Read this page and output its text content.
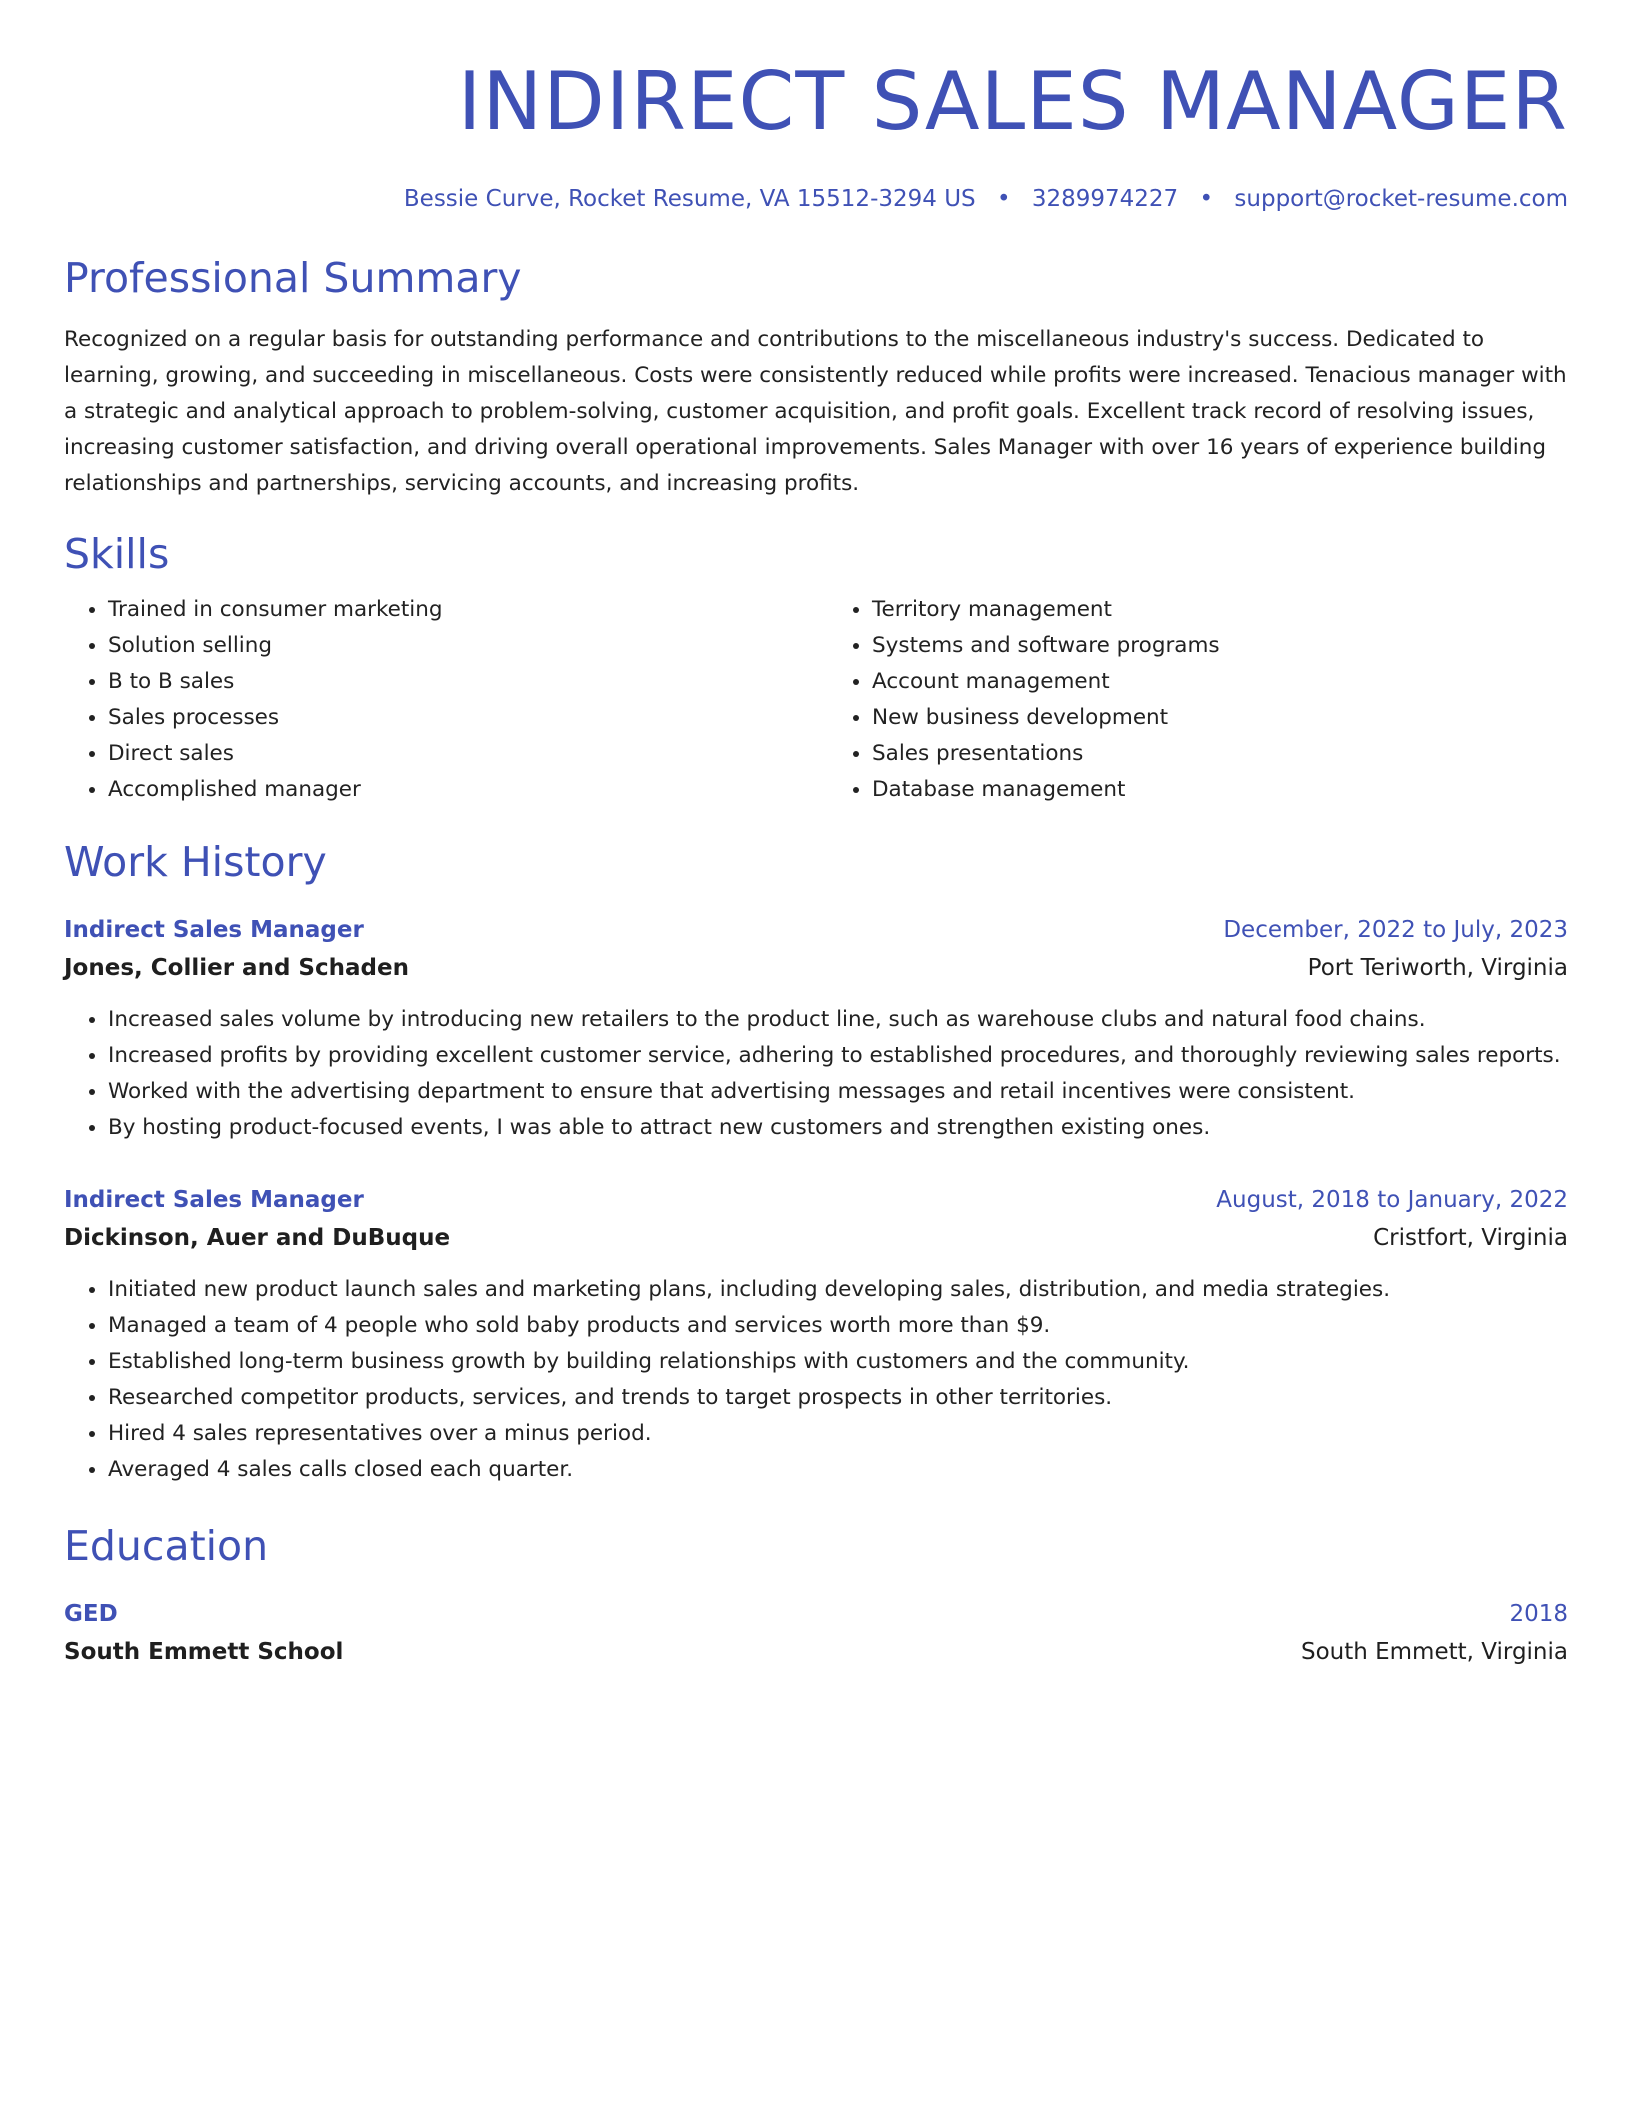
INDIRECT SALES MANAGER
Bessie Curve, Rocket Resume, VA 15512-3294 US • 3289974227 • support@rocket-resume.com
Professional Summary
Recognized on a regular basis for outstanding performance and contributions to the miscellaneous industry's success. Dedicated to learning, growing, and succeeding in miscellaneous. Costs were consistently reduced while profits were increased. Tenacious manager with a strategic and analytical approach to problem-solving, customer acquisition, and profit goals. Excellent track record of resolving issues, increasing customer satisfaction, and driving overall operational improvements. Sales Manager with over 16 years of experience building relationships and partnerships, servicing accounts, and increasing profits.
Skills
• Trained in consumer marketing
• Solution selling
• B to B sales
• Sales processes
• Direct sales
• Accomplished manager
• Territory management
• Systems and software programs
• Account management
• New business development
• Sales presentations
• Database management
Work History
Indirect Sales Manager	December, 2022 to July, 2023
Jones, Collier and Schaden	Port Teriworth, Virginia
• Increased sales volume by introducing new retailers to the product line, such as warehouse clubs and natural food chains.
• Increased profits by providing excellent customer service, adhering to established procedures, and thoroughly reviewing sales reports.
• Worked with the advertising department to ensure that advertising messages and retail incentives were consistent.
• By hosting product-focused events, I was able to attract new customers and strengthen existing ones.
Indirect Sales Manager	August, 2018 to January, 2022
Dickinson, Auer and DuBuque	Cristfort, Virginia
• Initiated new product launch sales and marketing plans, including developing sales, distribution, and media strategies.
• Managed a team of 4 people who sold baby products and services worth more than $9.
• Established long-term business growth by building relationships with customers and the community.
• Researched competitor products, services, and trends to target prospects in other territories.
• Hired 4 sales representatives over a minus period.
• Averaged 4 sales calls closed each quarter.
Education
GED	2018
South Emmett School	South Emmett, Virginia
